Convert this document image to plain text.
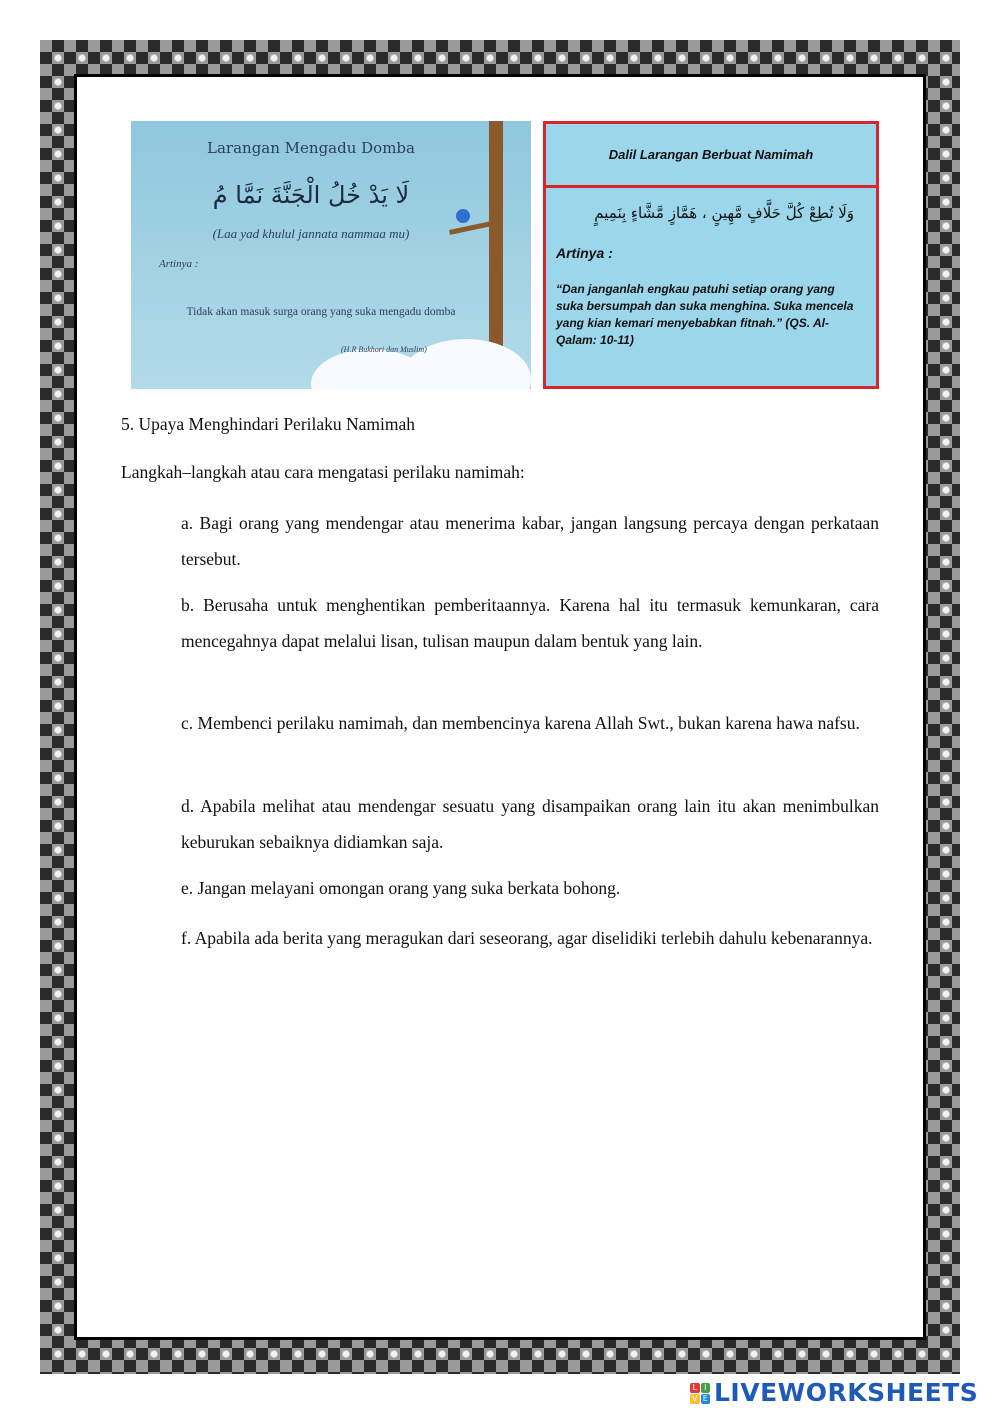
Larangan Mengadu Domba
لَا يَدْ خُلُ الْجَنَّةَ نَمَّا مُ
(Laa yad khulul jannata nammaa mu)
Artinya :
Tidak akan masuk surga orang yang suka mengadu domba
(H.R Bukhori dan Muslim)
Dalil Larangan Berbuat Namimah
وَلَا تُطِعْ كُلَّ حَلَّافٍ مَّهِينٍ ، هَمَّازٍ مَّشَّاءٍ بِنَمِيمٍ
Artinya :
“Dan janganlah engkau patuhi setiap orang yang suka bersumpah dan suka menghina. Suka mencela yang kian kemari menyebabkan fitnah.” (QS. Al-Qalam: 10-11)
5. Upaya Menghindari Perilaku Namimah
Langkah–langkah atau cara mengatasi perilaku namimah:
a. Bagi orang yang mendengar atau menerima kabar, jangan langsung percaya dengan perkataan tersebut.
b. Berusaha untuk menghentikan pemberitaannya. Karena hal itu termasuk kemunkaran, cara mencegahnya dapat melalui lisan, tulisan maupun dalam bentuk yang lain.
c. Membenci perilaku namimah, dan membencinya karena Allah Swt., bukan karena hawa nafsu.
d. Apabila melihat atau mendengar sesuatu yang disampaikan orang lain itu akan menimbulkan keburukan sebaiknya didiamkan saja.
e. Jangan melayani omongan orang yang suka berkata bohong.
f. Apabila ada berita yang meragukan dari seseorang, agar diselidiki terlebih dahulu kebenarannya.
L I
V E LIVEWORKSHEETS
